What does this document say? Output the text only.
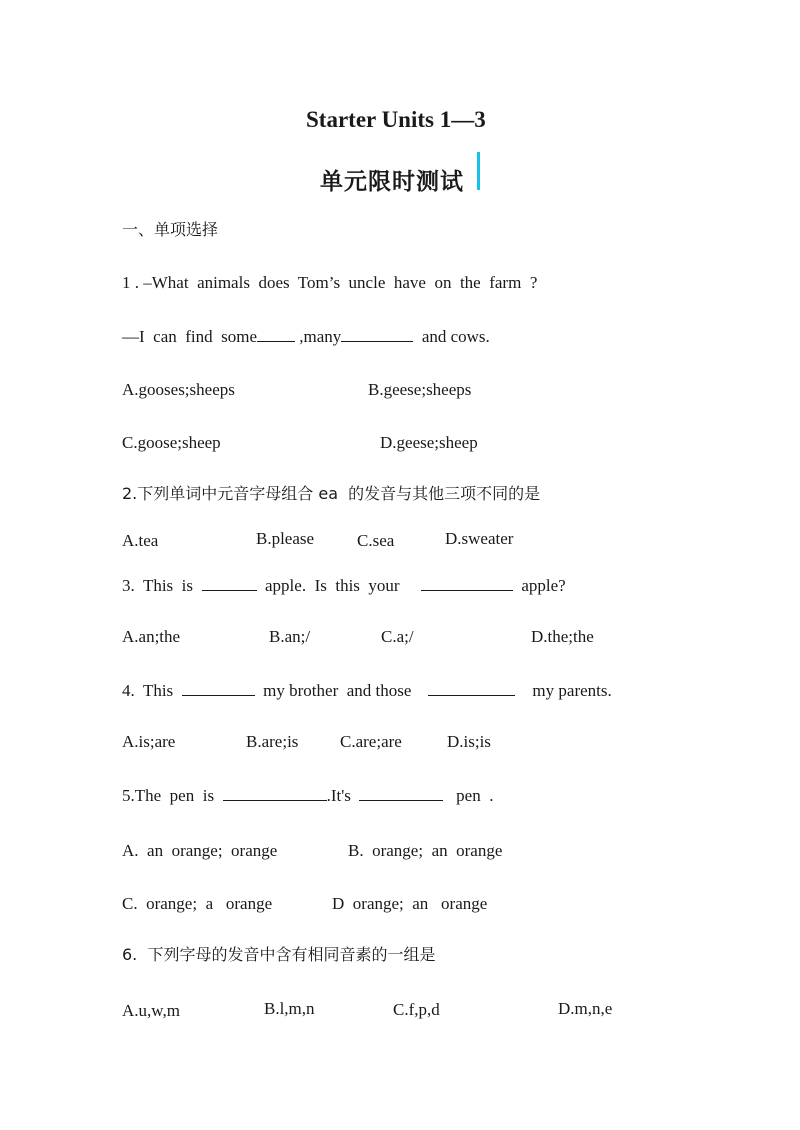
Starter Units 1—3
单元限时测试
一、单项选择
1 . –What  animals  does  Tom’s  uncle  have  on  the  farm  ?
—I  can  find  some ,many	and cows.
A.gooses;sheeps	B.geese;sheeps
C.goose;sheep	D.geese;sheep
2.下列单词中元音字母组合 ea  的发音与其他三项不同的是
A.tea	B.please	C.sea	D.sweater
3.  This  is	apple.  Is  this  your	apple?
A.an;the	B.an;/	C.a;/	D.the;the
4.  This	my brother  and those	my parents.
A.is;are	B.are;is C.are;are	D.is;is
5.The  pen  is	.It's	pen  .
A.  an  orange;  orange	B.  orange;  an  orange
C.  orange;  a   orange	D  orange;  an   orange
6.  下列字母的发音中含有相同音素的一组是
A.u,w,m	B.l,m,n	C.f,p,d	D.m,n,e
